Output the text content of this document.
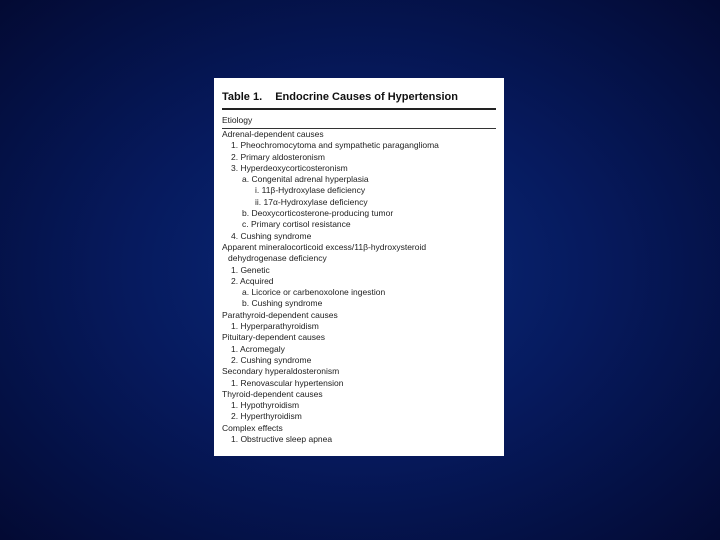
Table 1. Endocrine Causes of Hypertension
Etiology
Adrenal-dependent causes
1. Pheochromocytoma and sympathetic paraganglioma
2. Primary aldosteronism
3. Hyperdeoxycorticosteronism
a. Congenital adrenal hyperplasia
i. 11β-Hydroxylase deficiency
ii. 17α-Hydroxylase deficiency
b. Deoxycorticosterone-producing tumor
c. Primary cortisol resistance
4. Cushing syndrome
Apparent mineralocorticoid excess/11β-hydroxysteroid
dehydrogenase deficiency
1. Genetic
2. Acquired
a. Licorice or carbenoxolone ingestion
b. Cushing syndrome
Parathyroid-dependent causes
1. Hyperparathyroidism
Pituitary-dependent causes
1. Acromegaly
2. Cushing syndrome
Secondary hyperaldosteronism
1. Renovascular hypertension
Thyroid-dependent causes
1. Hypothyroidism
2. Hyperthyroidism
Complex effects
1. Obstructive sleep apnea
